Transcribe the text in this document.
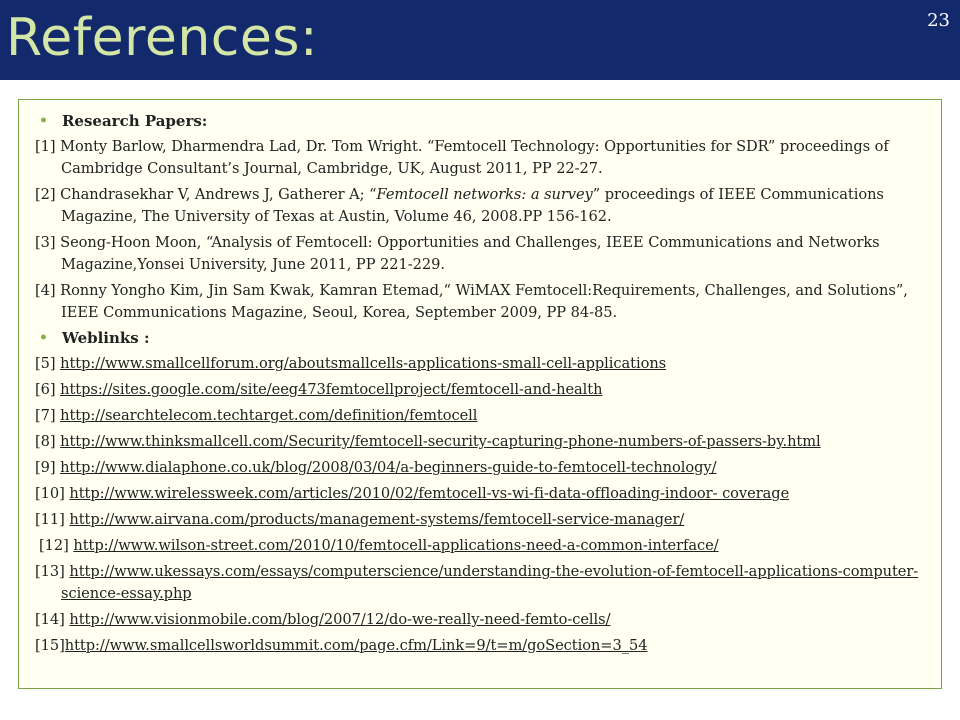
References:	23
• Research Papers:
[1] Monty Barlow, Dharmendra Lad, Dr. Tom Wright. “Femtocell Technology: Opportunities for SDR” proceedings of Cambridge Consultant’s Journal, Cambridge, UK, August 2011, PP 22-27.
[2] Chandrasekhar V, Andrews J, Gatherer A; “Femtocell networks: a survey” proceedings of IEEE Communications Magazine, The University of Texas at Austin, Volume 46, 2008.PP 156-162.
[3] Seong-Hoon Moon, “Analysis of Femtocell: Opportunities and Challenges, IEEE Communications and Networks Magazine,Yonsei University, June 2011, PP 221-229.
[4] Ronny Yongho Kim, Jin Sam Kwak, Kamran Etemad,“ WiMAX Femtocell:Requirements, Challenges, and Solutions”, IEEE Communications Magazine, Seoul, Korea, September 2009, PP 84-85.
• Weblinks :
[5] http://www.smallcellforum.org/aboutsmallcells-applications-small-cell-applications
[6] https://sites.google.com/site/eeg473femtocellproject/femtocell-and-health
[7] http://searchtelecom.techtarget.com/definition/femtocell
[8] http://www.thinksmallcell.com/Security/femtocell-security-capturing-phone-numbers-of-passers-by.html
[9] http://www.dialaphone.co.uk/blog/2008/03/04/a-beginners-guide-to-femtocell-technology/
[10] http://www.wirelessweek.com/articles/2010/02/femtocell-vs-wi-fi-data-offloading-indoor- coverage
[11] http://www.airvana.com/products/management-systems/femtocell-service-manager/
[12] http://www.wilson-street.com/2010/10/femtocell-applications-need-a-common-interface/
[13] http://www.ukessays.com/essays/computerscience/understanding-the-evolution-of-femtocell-applications-computer-science-essay.php
[14] http://www.visionmobile.com/blog/2007/12/do-we-really-need-femto-cells/
[15]http://www.smallcellsworldsummit.com/page.cfm/Link=9/t=m/goSection=3_54
